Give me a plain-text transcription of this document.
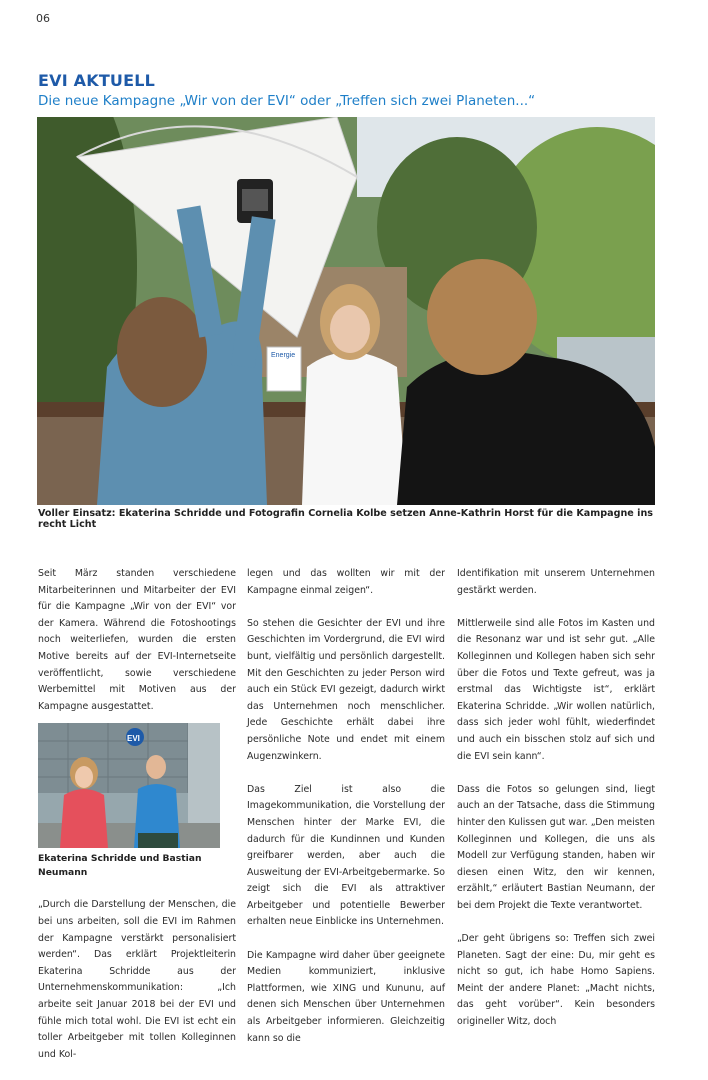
06
EVI AKTUELL
Die neue Kampagne „Wir von der EVI“ oder „Treffen sich zwei Planeten...“
Energie
Voller Einsatz: Ekaterina Schridde und Fotografin Cornelia Kolbe setzen Anne-Kathrin Horst für die Kampagne ins recht Licht

Seit März standen verschiedene Mitarbeiterinnen und Mitarbeiter der EVI für die Kampagne „Wir von der EVI“ vor der Kamera. Während die Fotoshootings noch weiterliefen, wurden die ersten Motive bereits auf der EVI-Internetseite veröffentlicht, sowie verschiedene Werbemittel mit Motiven aus der Kampagne ausgestattet.

EVI
Ekaterina Schridde und Bastian Neumann

„Durch die Darstellung der Menschen, die bei uns arbeiten, soll die EVI im Rahmen der Kampagne verstärkt personalisiert werden“. Das erklärt Projektleiterin Ekaterina Schridde aus der Unternehmenskommunikation: „Ich arbeite seit Januar 2018 bei der EVI und fühle mich total wohl. Die EVI ist echt ein toller Arbeitgeber mit tollen Kolleginnen und Kol-

legen und das wollten wir mit der Kampagne einmal zeigen“.

So stehen die Gesichter der EVI und ihre Geschichten im Vordergrund, die EVI wird bunt, vielfältig und persönlich dargestellt. Mit den Geschichten zu jeder Person wird auch ein Stück EVI gezeigt, dadurch wirkt das Unternehmen noch menschlicher. Jede Geschichte erhält dabei ihre persönliche Note und endet mit einem Augenzwinkern.

Das Ziel ist also die Imagekommunikation, die Vorstellung der Menschen hinter der Marke EVI, die dadurch für die Kundinnen und Kunden greifbarer werden, aber auch die Ausweitung der EVI-Arbeitgebermarke. So zeigt sich die EVI als attraktiver Arbeitgeber und potentielle Bewerber erhalten neue Einblicke ins Unternehmen.

Die Kampagne wird daher über geeignete Medien kommuniziert, inklusive Plattformen, wie XING und Kununu, auf denen sich Menschen über Unternehmen als Arbeitgeber informieren. Gleichzeitig kann so die

Identifikation mit unserem Unternehmen gestärkt werden.

Mittlerweile sind alle Fotos im Kasten und die Resonanz war und ist sehr gut. „Alle Kolleginnen und Kollegen haben sich sehr über die Fotos und Texte gefreut, was ja erstmal das Wichtigste ist“, erklärt Ekaterina Schridde. „Wir wollen natürlich, dass sich jeder wohl fühlt, wiederfindet und auch ein bisschen stolz auf sich und die EVI sein kann“.

Dass die Fotos so gelungen sind, liegt auch an der Tatsache, dass die Stimmung hinter den Kulissen gut war. „Den meisten Kolleginnen und Kollegen, die uns als Modell zur Verfügung standen, haben wir diesen einen Witz, den wir kennen, erzählt,“ erläutert Bastian Neumann, der bei dem Projekt die Texte verantwortet.

„Der geht übrigens so: Treffen sich zwei Planeten. Sagt der eine: Du, mir geht es nicht so gut, ich habe Homo Sapiens. Meint der andere Planet: „Macht nichts, das geht vorüber“. Kein besonders origineller Witz, doch
